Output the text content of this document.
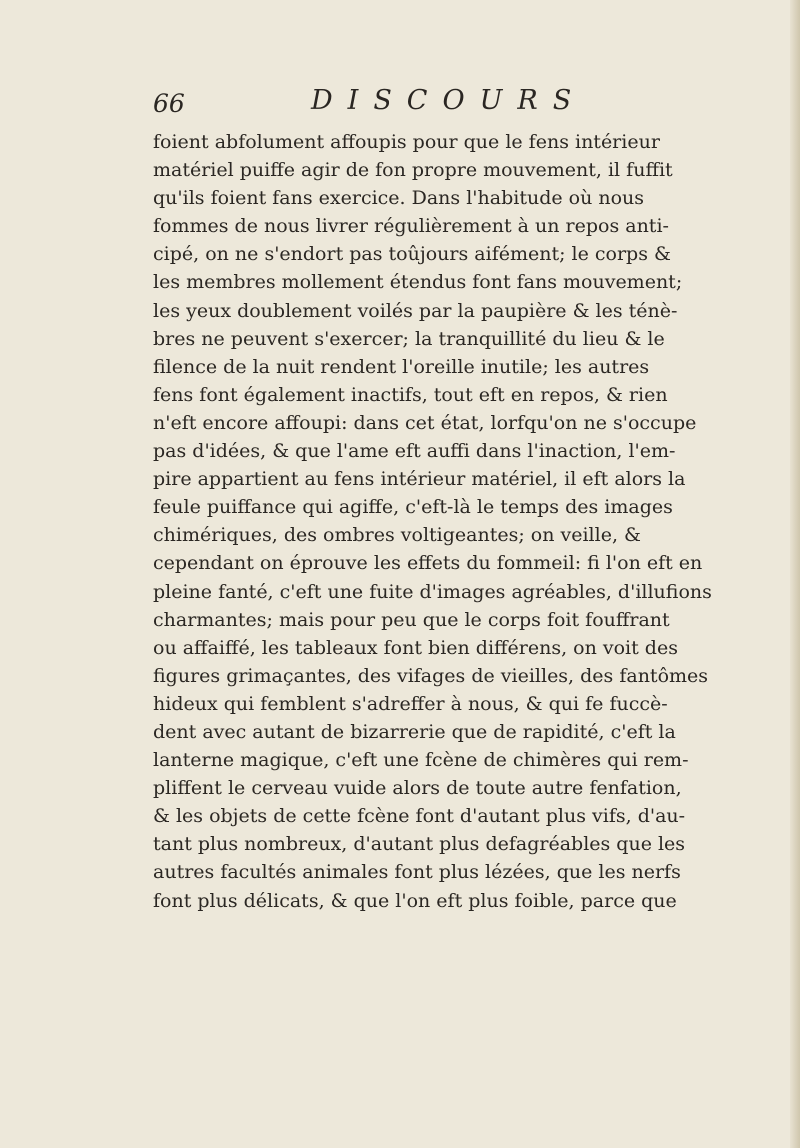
66	DISCOURS
foient abfolument affoupis pour que le fens intérieur
matériel puiffe agir de fon propre mouvement, il fuffit
qu'ils foient fans exercice. Dans l'habitude où nous
fommes de nous livrer régulièrement à un repos anti-
cipé, on ne s'endort pas toûjours aifément; le corps &
les membres mollement étendus font fans mouvement;
les yeux doublement voilés par la paupière & les ténè-
bres ne peuvent s'exercer; la tranquillité du lieu & le
filence de la nuit rendent l'oreille inutile; les autres
fens font également inactifs, tout eft en repos, & rien
n'eft encore affoupi: dans cet état, lorfqu'on ne s'occupe
pas d'idées, & que l'ame eft auffi dans l'inaction, l'em-
pire appartient au fens intérieur matériel, il eft alors la
feule puiffance qui agiffe, c'eft-là le temps des images
chimériques, des ombres voltigeantes; on veille, &
cependant on éprouve les effets du fommeil: fi l'on eft en
pleine fanté, c'eft une fuite d'images agréables, d'illufions
charmantes; mais pour peu que le corps foit fouffrant
ou affaiffé, les tableaux font bien différens, on voit des
figures grimaçantes, des vifages de vieilles, des fantômes
hideux qui femblent s'adreffer à nous, & qui fe fuccè-
dent avec autant de bizarrerie que de rapidité, c'eft la
lanterne magique, c'eft une fcène de chimères qui rem-
pliffent le cerveau vuide alors de toute autre fenfation,
& les objets de cette fcène font d'autant plus vifs, d'au-
tant plus nombreux, d'autant plus defagréables que les
autres facultés animales font plus lézées, que les nerfs
font plus délicats, & que l'on eft plus foible, parce que
